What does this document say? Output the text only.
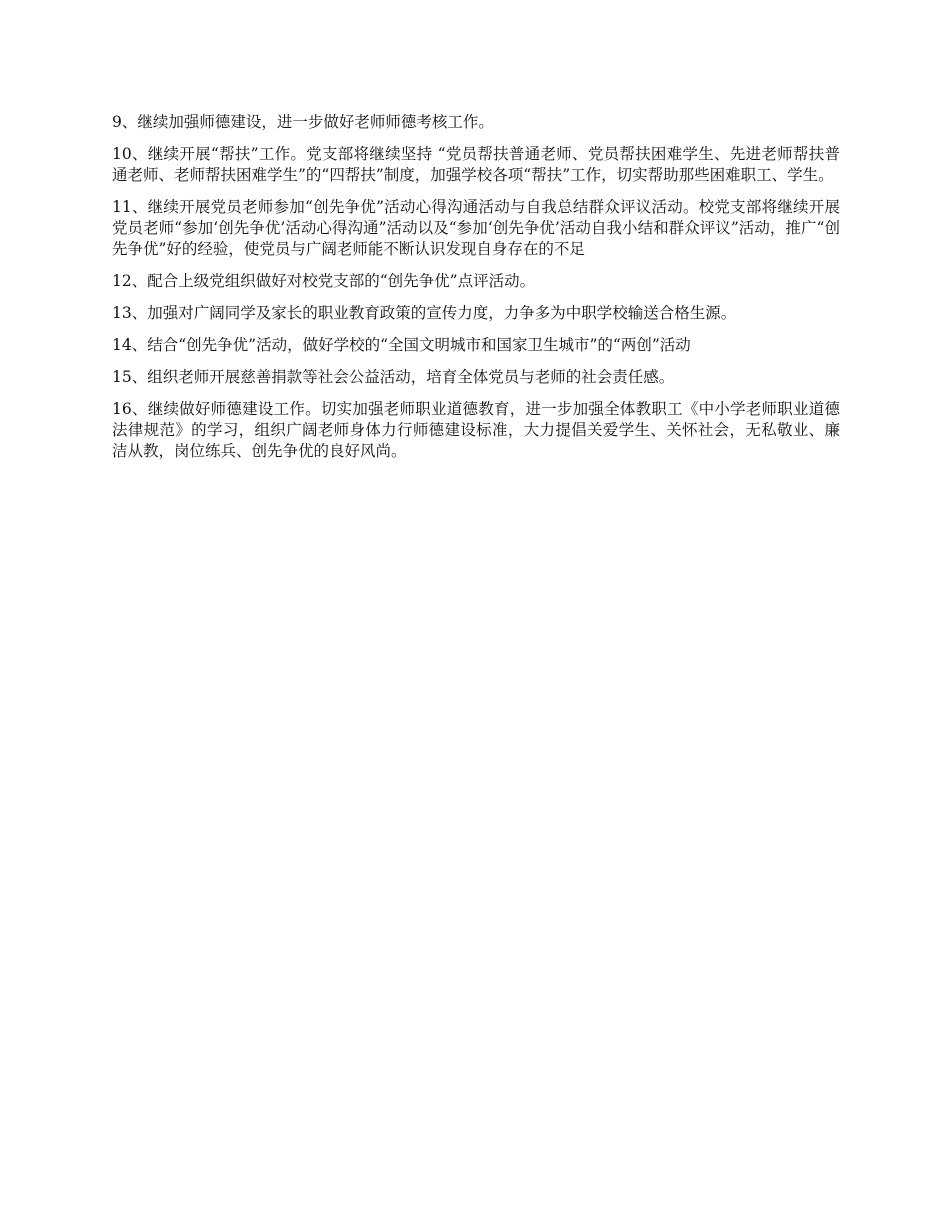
9、继续加强师德建设，进一步做好老师师德考核工作。

10、继续开展“帮扶”工作。党支部将继续坚持 “党员帮扶普通老师、党员帮扶困难学生、先进老师帮扶普通老师、老师帮扶困难学生”的“四帮扶”制度，加强学校各项“帮扶”工作，切实帮助那些困难职工、学生。

11、继续开展党员老师参加“创先争优”活动心得沟通活动与自我总结群众评议活动。校党支部将继续开展党员老师“参加‘创先争优’活动心得沟通”活动以及“参加‘创先争优’活动自我小结和群众评议”活动，推广“创先争优”好的经验，使党员与广阔老师能不断认识发现自身存在的不足

12、配合上级党组织做好对校党支部的“创先争优”点评活动。

13、加强对广阔同学及家长的职业教育政策的宣传力度，力争多为中职学校输送合格生源。

14、结合“创先争优”活动，做好学校的“全国文明城市和国家卫生城市”的“两创”活动

15、组织老师开展慈善捐款等社会公益活动，培育全体党员与老师的社会责任感。

16、继续做好师德建设工作。切实加强老师职业道德教育，进一步加强全体教职工《中小学老师职业道德法律规范》的学习，组织广阔老师身体力行师德建设标准，大力提倡关爱学生、关怀社会，无私敬业、廉洁从教，岗位练兵、创先争优的良好风尚。
